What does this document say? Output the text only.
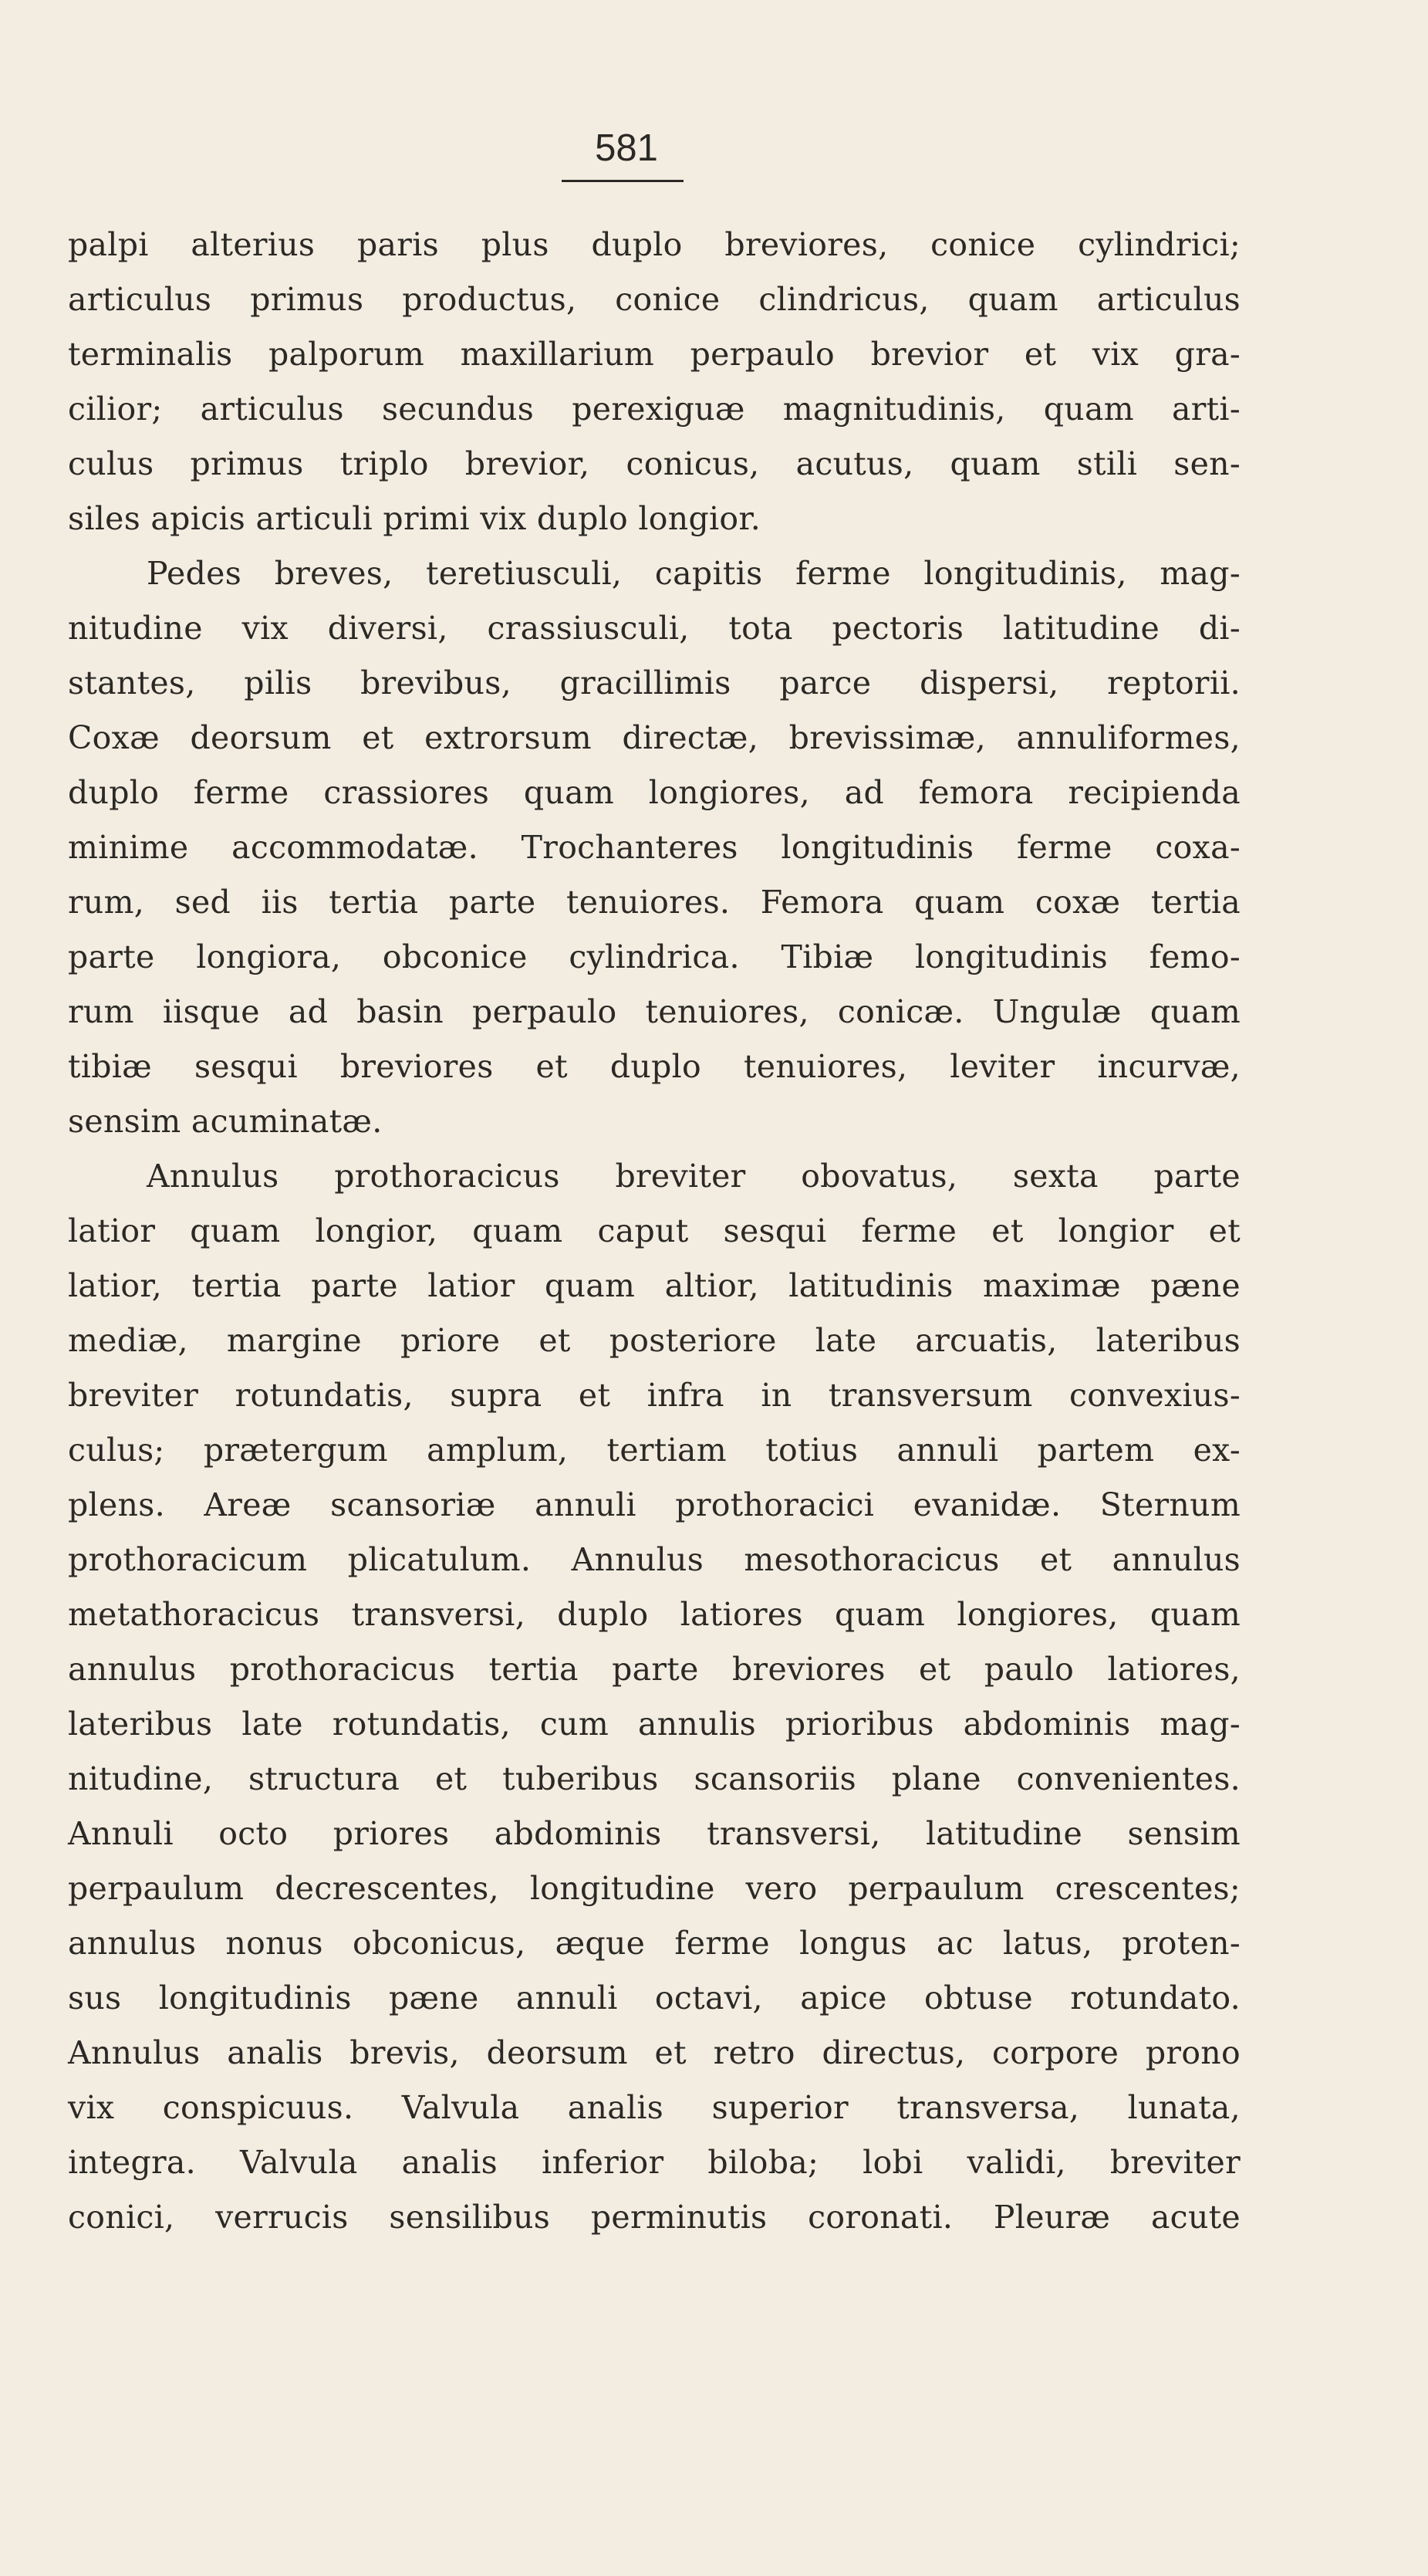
581
palpi alterius paris plus duplo breviores, conice cylindrici;
articulus primus productus, conice clindricus, quam articulus
terminalis palporum maxillarium perpaulo brevior et vix gra-
cilior; articulus secundus perexiguæ magnitudinis, quam arti-
culus primus triplo brevior, conicus, acutus, quam stili sen-
siles apicis articuli primi vix duplo longior.
Pedes breves, teretiusculi, capitis ferme longitudinis, mag-
nitudine vix diversi, crassiusculi, tota pectoris latitudine di-
stantes, pilis brevibus, gracillimis parce dispersi, reptorii.
Coxæ deorsum et extrorsum directæ, brevissimæ, annuliformes,
duplo ferme crassiores quam longiores, ad femora recipienda
minime accommodatæ. Trochanteres longitudinis ferme coxa-
rum, sed iis tertia parte tenuiores. Femora quam coxæ tertia
parte longiora, obconice cylindrica. Tibiæ longitudinis femo-
rum iisque ad basin perpaulo tenuiores, conicæ. Ungulæ quam
tibiæ sesqui breviores et duplo tenuiores, leviter incurvæ,
sensim acuminatæ.
Annulus prothoracicus breviter obovatus, sexta parte
latior quam longior, quam caput sesqui ferme et longior et
latior, tertia parte latior quam altior, latitudinis maximæ pæne
mediæ, margine priore et posteriore late arcuatis, lateribus
breviter rotundatis, supra et infra in transversum convexius-
culus; prætergum amplum, tertiam totius annuli partem ex-
plens. Areæ scansoriæ annuli prothoracici evanidæ. Sternum
prothoracicum plicatulum. Annulus mesothoracicus et annulus
metathoracicus transversi, duplo latiores quam longiores, quam
annulus prothoracicus tertia parte breviores et paulo latiores,
lateribus late rotundatis, cum annulis prioribus abdominis mag-
nitudine, structura et tuberibus scansoriis plane convenientes.
Annuli octo priores abdominis transversi, latitudine sensim
perpaulum decrescentes, longitudine vero perpaulum crescentes;
annulus nonus obconicus, æque ferme longus ac latus, proten-
sus longitudinis pæne annuli octavi, apice obtuse rotundato.
Annulus analis brevis, deorsum et retro directus, corpore prono
vix conspicuus. Valvula analis superior transversa, lunata,
integra. Valvula analis inferior biloba; lobi validi, breviter
conici, verrucis sensilibus perminutis coronati. Pleuræ acute
